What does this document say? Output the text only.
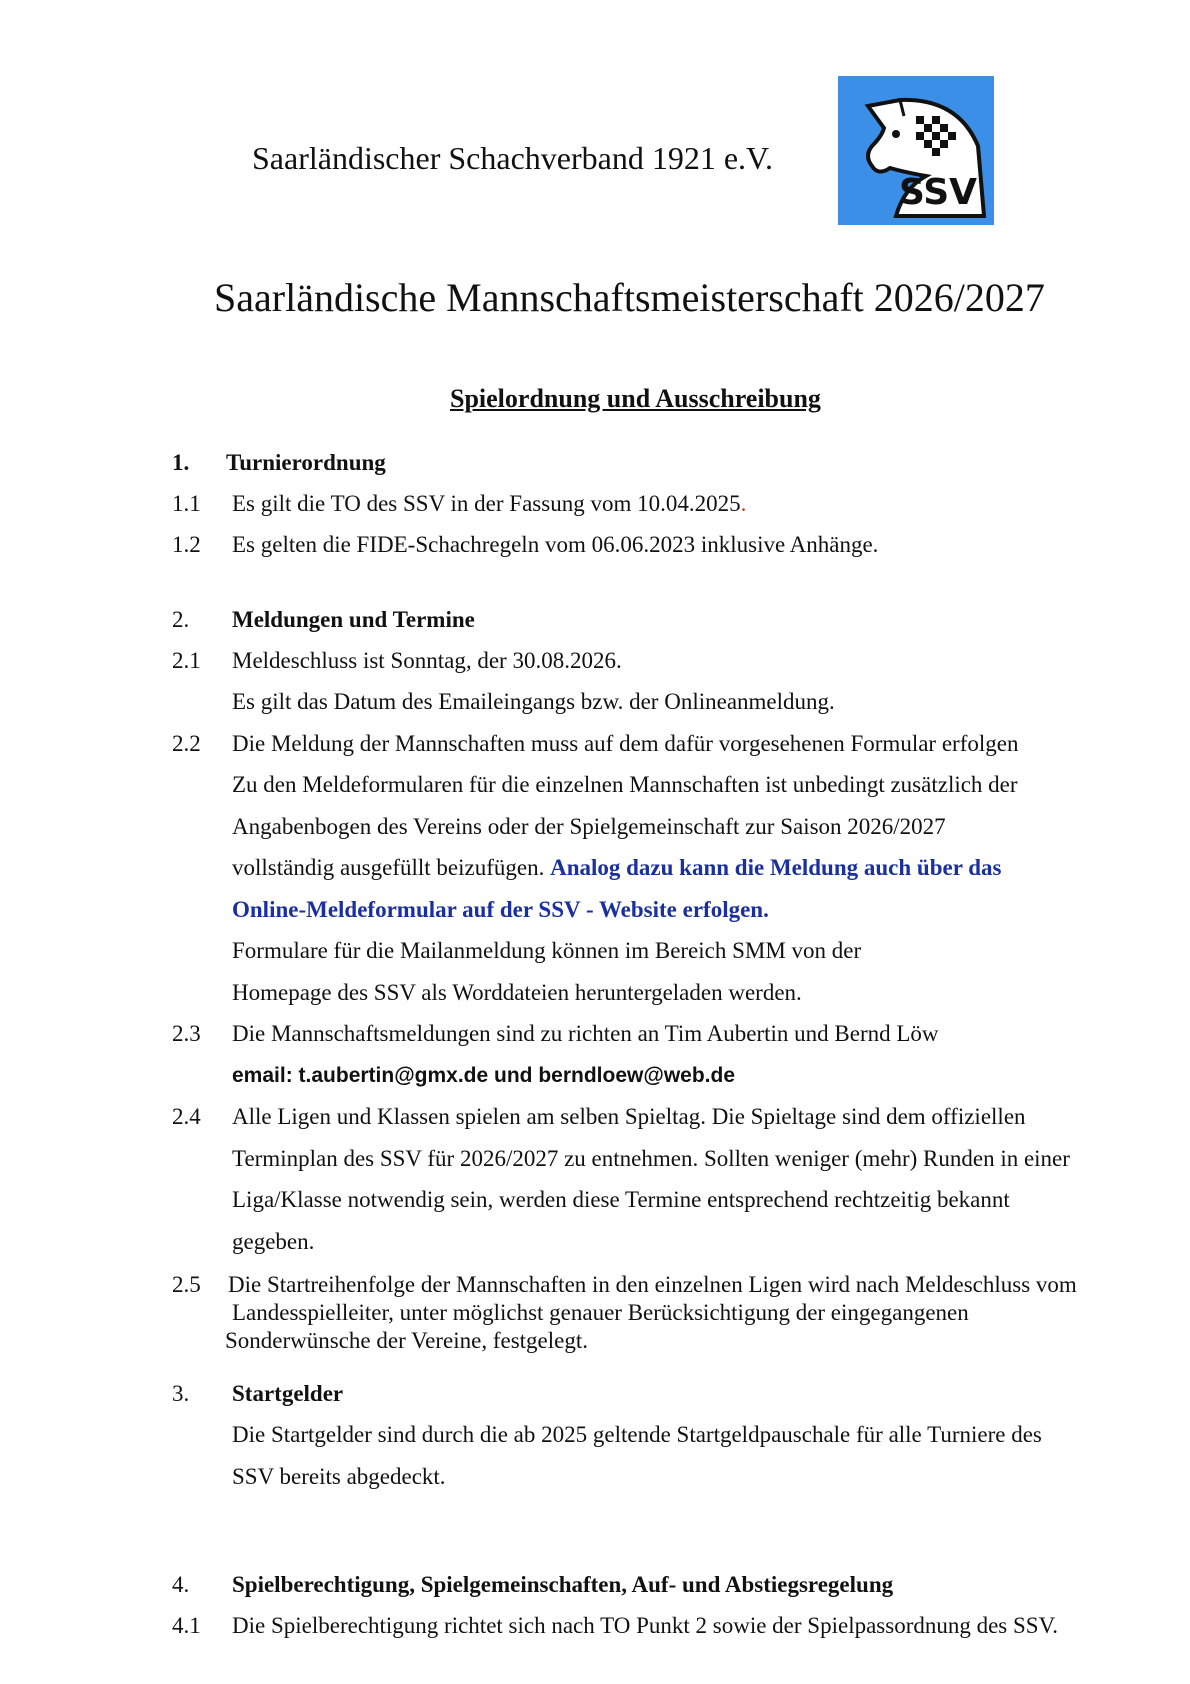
Saarländischer Schachverband 1921 e.V.
SSV
Saarländische Mannschaftsmeisterschaft 2026/2027
Spielordnung und Ausschreibung
1. Turnierordnung
1.1 Es gilt die TO des SSV in der Fassung vom 10.04.2025.
1.2 Es gelten die FIDE-Schachregeln vom 06.06.2023 inklusive Anhänge.
2. Meldungen und Termine
2.1 Meldeschluss ist Sonntag, der 30.08.2026.
Es gilt das Datum des Emaileingangs bzw. der Onlineanmeldung.
2.2 Die Meldung der Mannschaften muss auf dem dafür vorgesehenen Formular erfolgen
Zu den Meldeformularen für die einzelnen Mannschaften ist unbedingt zusätzlich der
Angabenbogen des Vereins oder der Spielgemeinschaft zur Saison 2026/2027
vollständig ausgefüllt beizufügen. Analog dazu kann die Meldung auch über das
Online-Meldeformular auf der SSV - Website erfolgen.
Formulare für die Mailanmeldung können im Bereich SMM von der
Homepage des SSV als Worddateien heruntergeladen werden.
2.3 Die Mannschaftsmeldungen sind zu richten an Tim Aubertin und Bernd Löw
email: t.aubertin@gmx.de und berndloew@web.de
2.4 Alle Ligen und Klassen spielen am selben Spieltag. Die Spieltage sind dem offiziellen
Terminplan des SSV für 2026/2027 zu entnehmen. Sollten weniger (mehr) Runden in einer
Liga/Klasse notwendig sein, werden diese Termine entsprechend rechtzeitig bekannt
gegeben.
2.5 Die Startreihenfolge der Mannschaften in den einzelnen Ligen wird nach Meldeschluss vom
Landesspielleiter, unter möglichst genauer Berücksichtigung der eingegangenen
Sonderwünsche der Vereine, festgelegt.
3. Startgelder
Die Startgelder sind durch die ab 2025 geltende Startgeldpauschale für alle Turniere des
SSV bereits abgedeckt.
4. Spielberechtigung, Spielgemeinschaften, Auf- und Abstiegsregelung
4.1 Die Spielberechtigung richtet sich nach TO Punkt 2 sowie der Spielpassordnung des SSV.
